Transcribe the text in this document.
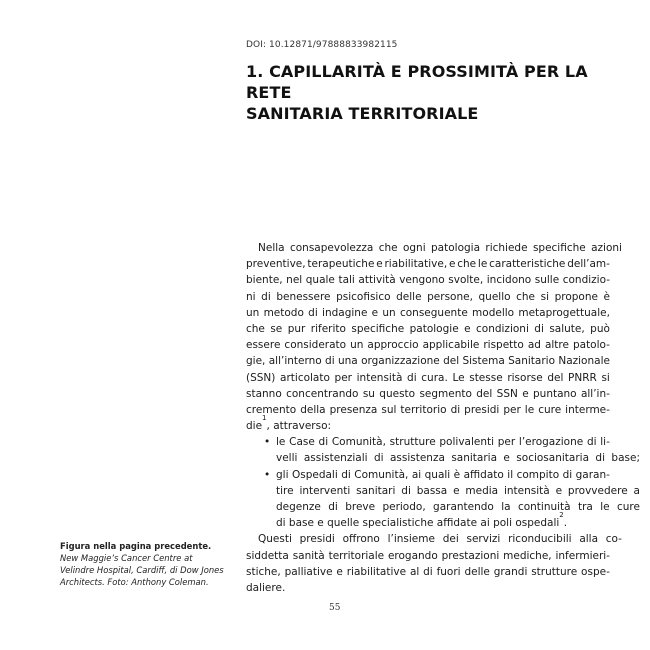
DOI: 10.12871/97888833982115
1. CAPILLARITÀ E PROSSIMITÀ PER LA RETE
SANITARIA TERRITORIALE
Nella consapevolezza che ogni patologia richiede specifiche azioni
preventive, terapeutiche e riabilitative, e che le caratteristiche dell’am-
biente, nel quale tali attività vengono svolte, incidono sulle condizio-
ni di benessere psicofisico delle persone, quello che si propone è
un metodo di indagine e un conseguente modello metaprogettuale,
che se pur riferito specifiche patologie e condizioni di salute, può
essere considerato un approccio applicabile rispetto ad altre patolo-
gie, all’interno di una organizzazione del Sistema Sanitario Nazionale
(SSN) articolato per intensità di cura. Le stesse risorse del PNRR si
stanno concentrando su questo segmento del SSN e puntano all’in-
cremento della presenza sul territorio di presidi per le cure interme-
die
1
, attraverso:
• le Case di Comunità, strutture polivalenti per l’erogazione di li-
velli assistenziali di assistenza sanitaria e sociosanitaria di base;
• gli Ospedali di Comunità, ai quali è affidato il compito di garan-
tire interventi sanitari di bassa e media intensità e provvedere a
degenze di breve periodo, garantendo la continuità tra le cure
di base e quelle specialistiche affidate ai poli ospedali
2
.
Questi presidi offrono l’insieme dei servizi riconducibili alla co-
siddetta sanità territoriale erogando prestazioni mediche, infermieri-
stiche, palliative e riabilitative al di fuori delle grandi strutture ospe-
daliere.
Figura nella pagina precedente. New Maggie’s Cancer Centre at Velindre Hospital, Cardiff, di Dow Jones Architects. Foto: Anthony Coleman.
55
